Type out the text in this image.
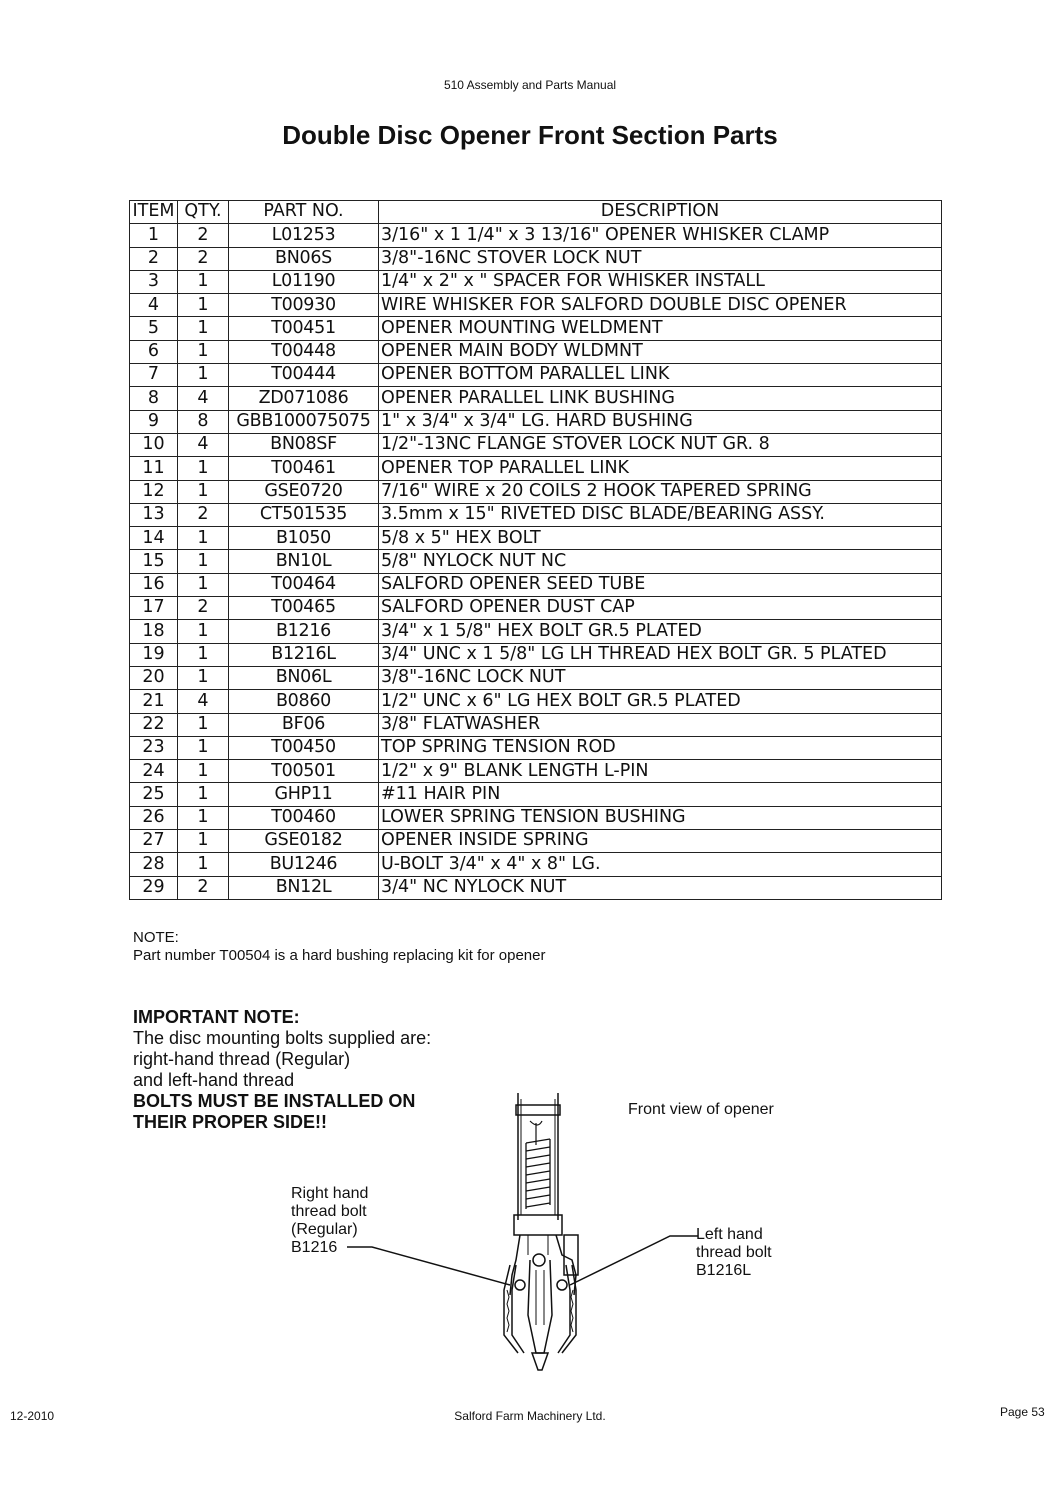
510 Assembly and Parts Manual
Double Disc Opener Front Section Parts
ITEM	QTY.	PART NO.	DESCRIPTION
1	2	L01253	3/16" x 1 1/4" x 3 13/16" OPENER WHISKER CLAMP
2	2	BN06S	3/8"-16NC STOVER LOCK NUT
3	1	L01190	1/4" x 2" x " SPACER FOR WHISKER INSTALL
4	1	T00930	WIRE WHISKER FOR SALFORD DOUBLE DISC OPENER
5	1	T00451	OPENER MOUNTING WELDMENT
6	1	T00448	OPENER MAIN BODY WLDMNT
7	1	T00444	OPENER BOTTOM PARALLEL LINK
8	4	ZD071086	OPENER PARALLEL LINK BUSHING
9	8	GBB100075075	1" x 3/4" x 3/4" LG. HARD BUSHING
10	4	BN08SF	1/2"-13NC FLANGE STOVER LOCK NUT GR. 8
11	1	T00461	OPENER TOP PARALLEL LINK
12	1	GSE0720	7/16" WIRE x 20 COILS 2 HOOK TAPERED SPRING
13	2	CT501535	3.5mm x 15" RIVETED DISC BLADE/BEARING ASSY.
14	1	B1050	5/8 x 5" HEX BOLT
15	1	BN10L	5/8" NYLOCK NUT NC
16	1	T00464	SALFORD OPENER SEED TUBE
17	2	T00465	SALFORD OPENER DUST CAP
18	1	B1216	3/4" x 1 5/8" HEX BOLT GR.5 PLATED
19	1	B1216L	3/4" UNC x 1 5/8" LG LH THREAD HEX BOLT GR. 5 PLATED
20	1	BN06L	3/8"-16NC LOCK NUT
21	4	B0860	1/2" UNC x 6" LG HEX BOLT GR.5 PLATED
22	1	BF06	3/8" FLATWASHER
23	1	T00450	TOP SPRING TENSION ROD
24	1	T00501	1/2" x 9" BLANK LENGTH L-PIN
25	1	GHP11	#11 HAIR PIN
26	1	T00460	LOWER SPRING TENSION BUSHING
27	1	GSE0182	OPENER INSIDE SPRING
28	1	BU1246	U-BOLT 3/4" x 4" x 8" LG.
29	2	BN12L	3/4" NC NYLOCK NUT
NOTE:
Part number T00504 is a hard bushing replacing kit for opener
IMPORTANT NOTE:
The disc mounting bolts supplied are:
right-hand thread (Regular)
and left-hand thread
BOLTS MUST BE INSTALLED ON
THEIR PROPER SIDE!!
Front view of opener
Right hand
thread bolt
(Regular)
B1216
Left hand
thread bolt
B1216L
12-2010	Salford Farm Machinery Ltd.	Page 53
